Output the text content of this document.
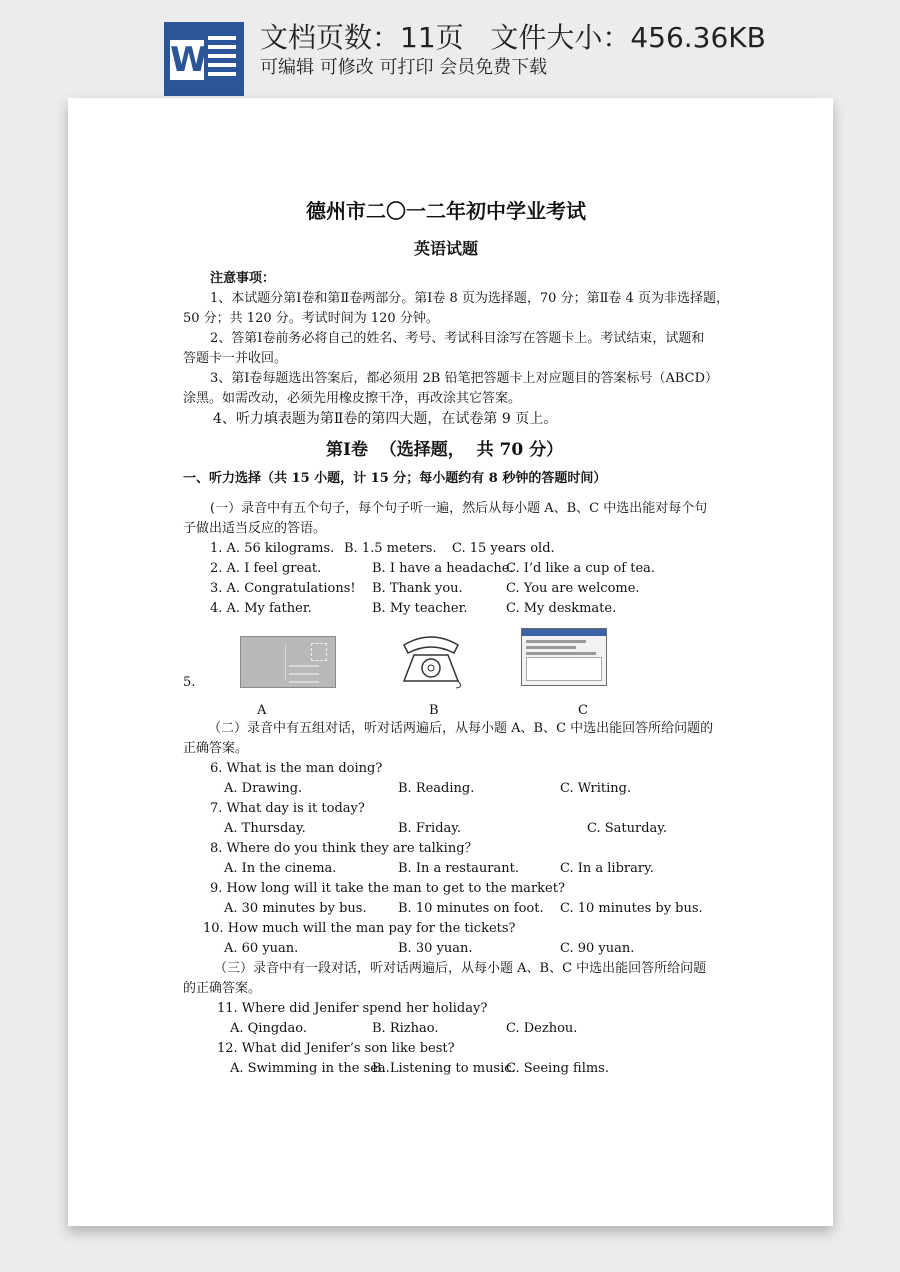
W
文档页数：11页   文件大小：456.36KB
可编辑 可修改 可打印 会员免费下载
德州市二〇一二年初中学业考试
英语试题
注意事项：
1、本试题分第Ⅰ卷和第Ⅱ卷两部分。第Ⅰ卷 8 页为选择题，70 分；第Ⅱ卷 4 页为非选择题，
50 分；共 120 分。考试时间为 120 分钟。
2、答第Ⅰ卷前务必将自己的姓名、考号、考试科目涂写在答题卡上。考试结束，试题和
答题卡一并收回。
3、第Ⅰ卷每题选出答案后，都必须用 2B 铅笔把答题卡上对应题目的答案标号（ABCD）
涂黑。如需改动，必须先用橡皮擦干净，再改涂其它答案。
4、听力填表题为第Ⅱ卷的第四大题，在试卷第 9 页上。
第Ⅰ卷  （选择题，  共 70 分）
一、听力选择（共 15 小题，计 15 分；每小题约有 8 秒钟的答题时间）
(一）录音中有五个句子，每个句子听一遍，然后从每小题 A、B、C 中选出能对每个句
子做出适当反应的答语。
1. A. 56 kilograms. B. 1.5 meters. C. 15 years old.
2. A. I feel great.	B. I have a headache.
C. I’d like a cup of tea.
3. A. Congratulations! B. Thank you.	C. You are welcome.
4. A. My father.	B. My teacher.	C. My deskmate.
5.
A	B	C
（二）录音中有五组对话，听对话两遍后，从每小题 A、B、C 中选出能回答所给问题的
正确答案。
6. What is the man doing?
A. Drawing.	B. Reading.	C. Writing.
7. What day is it today?
A. Thursday.	B. Friday.	C. Saturday.
8. Where do you think they are talking？
A. In the cinema.	B. In a restaurant.	C. In a library.
9. How long will it take the man to get to the market?
A. 30 minutes by bus. B. 10 minutes on foot. C. 10 minutes by bus.
10. How much will the man pay for the tickets?
A. 60 yuan.	B. 30 yuan.	C. 90 yuan.
（三）录音中有一段对话，听对话两遍后，从每小题 A、B、C 中选出能回答所给问题
的正确答案。
11. Where did Jenifer spend her holiday?
A. Qingdao.	B. Rizhao.	C. Dezhou.
12. What did Jenifer’s son like best?
A. Swimming in the sea.
B. Listening to music.
C. Seeing films.
